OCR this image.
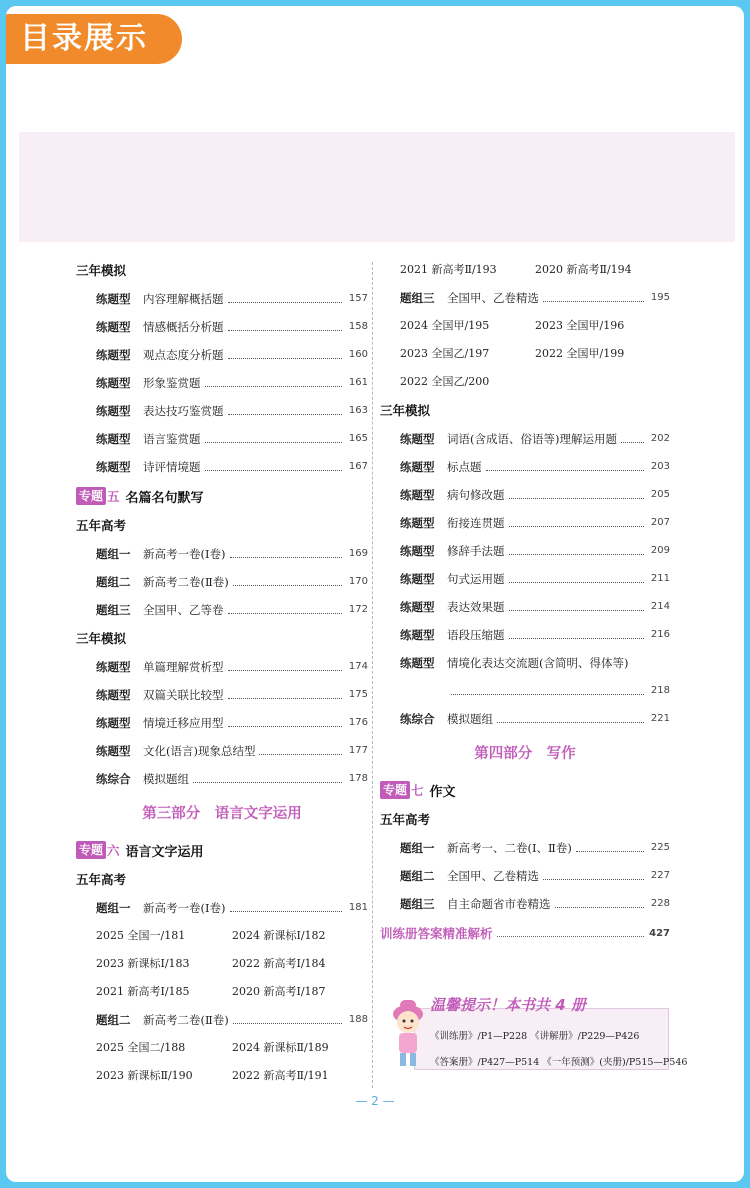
目录展示
三年模拟
练题型	内容理解概括题	157
练题型	情感概括分析题	158
练题型	观点态度分析题	160
练题型	形象鉴赏题	161
练题型	表达技巧鉴赏题	163
练题型	语言鉴赏题	165
练题型	诗评情境题	167
专题 五 名篇名句默写
五年高考
题组一	新高考一卷(Ⅰ卷)	169
题组二	新高考二卷(Ⅱ卷)	170
题组三	全国甲、乙等卷	172
三年模拟
练题型	单篇理解赏析型	174
练题型	双篇关联比较型	175
练题型	情境迁移应用型	176
练题型	文化(语言)现象总结型	177
练综合	模拟题组	178
第三部分　语言文字运用
专题 六 语言文字运用
五年高考
题组一	新高考一卷(Ⅰ卷)	181
2025 全国一/181	2024 新课标Ⅰ/182
2023 新课标Ⅰ/183	2022 新高考Ⅰ/184
2021 新高考Ⅰ/185	2020 新高考Ⅰ/187
题组二	新高考二卷(Ⅱ卷)	188
2025 全国二/188	2024 新课标Ⅱ/189
2023 新课标Ⅱ/190	2022 新高考Ⅱ/191
2021 新高考Ⅱ/193	2020 新高考Ⅱ/194
题组三	全国甲、乙卷精选	195
2024 全国甲/195	2023 全国甲/196
2023 全国乙/197	2022 全国甲/199
2022 全国乙/200
三年模拟
练题型	词语(含成语、俗语等)理解运用题	202
练题型	标点题	203
练题型	病句修改题	205
练题型	衔接连贯题	207
练题型	修辞手法题	209
练题型	句式运用题	211
练题型	表达效果题	214
练题型	语段压缩题	216
练题型	情境化表达交流题(含简明、得体等)
218
练综合	模拟题组	221
第四部分　写作
专题 七 作文
五年高考
题组一	新高考一、二卷(Ⅰ、Ⅱ卷)	225
题组二	全国甲、乙卷精选	227
题组三	自主命题省市卷精选	228
训练册答案精准解析	427
温馨提示！本书共 4 册
《训练册》/P1—P228 《讲解册》/P229—P426
《答案册》/P427—P514 《一年预测》(夹册)/P515—P546
— 2 —
